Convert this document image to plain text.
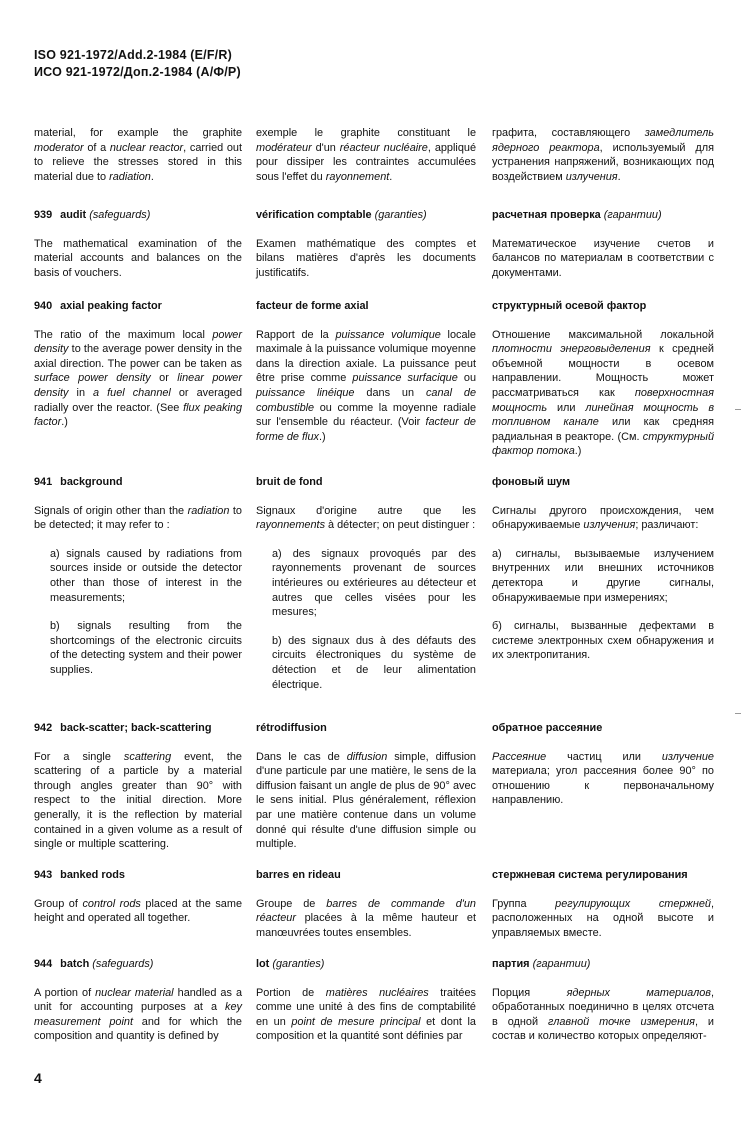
ISO 921-1972/Add.2-1984 (E/F/R)
ИСО 921-1972/Доп.2-1984 (А/Ф/Р)

material, for example the graphite moderator of a nuclear reactor, carried out to relieve the stresses stored in this material due to radiation.

exemple le graphite constituant le modérateur d'un réacteur nucléaire, appliqué pour dissiper les contraintes accumulées sous l'effet du rayonnement.

графита, составляющего замедлитель ядерного реактора, используемый для устранения напряжений, возникающих под воздействием излучения.

939 audit (safeguards)

The mathematical examination of the material accounts and balances on the basis of vouchers.

vérification comptable (garanties)

Examen mathématique des comptes et bilans matières d'après les documents justificatifs.

расчетная проверка (гарантии)

Математическое изучение счетов и балансов по материалам в соответствии с документами.

940 axial peaking factor

The ratio of the maximum local power density to the average power density in the axial direction. The power can be taken as surface power density or linear power density in a fuel channel or averaged radially over the reactor. (See flux peaking factor.)

facteur de forme axial

Rapport de la puissance volumique locale maximale à la puissance volumique moyenne dans la direction axiale. La puissance peut être prise comme puissance surfacique ou puissance linéique dans un canal de combustible ou comme la moyenne radiale sur l'ensemble du réacteur. (Voir facteur de forme de flux.)

структурный осевой фактор

Отношение максимальной локальной плотности энерговыделения к средней объемной мощности в осевом направлении. Мощность может рассматриваться как поверхностная мощность или линейная мощность в топливном канале или как средняя радиальная в реакторе. (См. структурный фактор потока.)

941 background

Signals of origin other than the radiation to be detected; it may refer to :

a) signals caused by radiations from sources inside or outside the detector other than those of interest in the measurements;

b) signals resulting from the shortcomings of the electronic circuits of the detecting system and their power supplies.

bruit de fond

Signaux d'origine autre que les rayonnements à détecter; on peut distinguer :

a) des signaux provoqués par des rayonnements provenant de sources intérieures ou extérieures au détecteur et autres que celles visées pour les mesures;

b) des signaux dus à des défauts des circuits électroniques du système de détection et de leur alimentation électrique.

фоновый шум

Сигналы другого происхождения, чем обнаруживаемые излучения; различают:

а) сигналы, вызываемые излучением внутренних или внешних источников детектора и другие сигналы, обнаруживаемые при измерениях;

б) сигналы, вызванные дефектами в системе электронных схем обнаружения и их электропитания.

942 back-scatter; back-scattering

For a single scattering event, the scattering of a particle by a material through angles greater than 90° with respect to the initial direction. More generally, it is the reflection by material contained in a given volume as a result of single or multiple scattering.

rétrodiffusion

Dans le cas de diffusion simple, diffusion d'une particule par une matière, le sens de la diffusion faisant un angle de plus de 90° avec le sens initial. Plus généralement, réflexion par une matière contenue dans un volume donné qui résulte d'une diffusion simple ou multiple.

обратное рассеяние

Рассеяние частиц или излучение материала; угол рассеяния более 90° по отношению к первоначальному направлению.

943 banked rods

Group of control rods placed at the same height and operated all together.

barres en rideau

Groupe de barres de commande d'un réacteur placées à la même hauteur et manœuvrées toutes ensembles.

стержневая система регулирования

Группа регулирующих стержней, расположенных на одной высоте и управляемых вместе.

944 batch (safeguards)

A portion of nuclear material handled as a unit for accounting purposes at a key measurement point and for which the composition and quantity is defined by

lot (garanties)

Portion de matières nucléaires traitées comme une unité à des fins de comptabilité en un point de mesure principal et dont la composition et la quantité sont définies par

партия (гарантии)

Порция ядерных материалов, обработанных поединично в целях отсчета в одной главной точке измерения, и состав и количество которых определяют-

4
